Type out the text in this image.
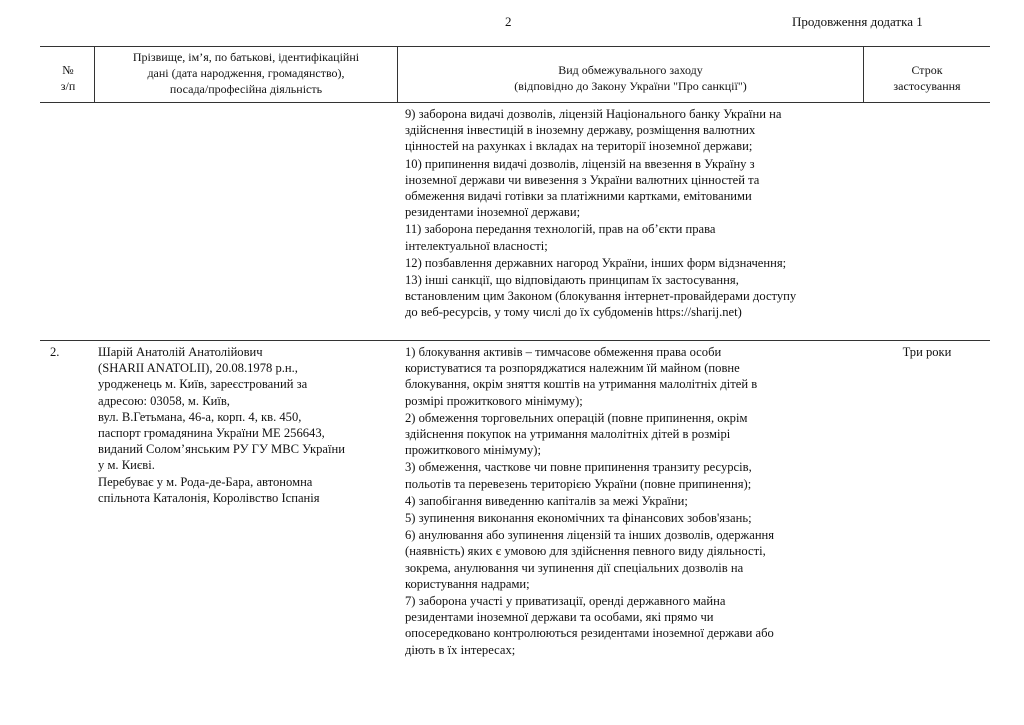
2	Продовження додатка 1
№
з/п
Прізвище, ім’я, по батькові, ідентифікаційні
дані (дата народження, громадянство),
посада/професійна діяльність
Вид обмежувального заходу
(відповідно до Закону України "Про санкції")
Строк
застосування

9) заборона видачі дозволів, ліцензій Національного банку України на
здійснення інвестицій в іноземну державу, розміщення валютних
цінностей на рахунках і вкладах на території іноземної держави;

10) припинення видачі дозволів, ліцензій на ввезення в Україну з
іноземної держави чи вивезення з України валютних цінностей та
обмеження видачі готівки за платіжними картками, емітованими
резидентами іноземної держави;

11) заборона передання технологій, прав на об’єкти права
інтелектуальної власності;

12) позбавлення державних нагород України, інших форм відзначення;

13) інші санкції, що відповідають принципам їх застосування,
встановленим цим Законом (блокування інтернет-провайдерами доступу
до веб-ресурсів, у тому числі до їх субдоменів https://sharij.net)

2.	Шарій Анатолій Анатолійович
(SHARII ANATOLII), 20.08.1978 р.н.,
уродженець м. Київ, зареєстрований за
адресою: 03058, м. Київ,
вул. В.Гетьмана, 46-а, корп. 4, кв. 450,
паспорт громадянина України МЕ 256643,
виданий Солом’янським РУ ГУ МВС України
у м. Києві.
Перебуває у м. Рода-де-Бара, автономна
спільнота Каталонія, Королівство Іспанія
Три роки

1) блокування активів – тимчасове обмеження права особи
користуватися та розпоряджатися належним їй майном (повне
блокування, окрім зняття коштів на утримання малолітніх дітей в
розмірі прожиткового мінімуму);

2) обмеження торговельних операцій (повне припинення, окрім
здійснення покупок на утримання малолітніх дітей в розмірі
прожиткового мінімуму);

3) обмеження, часткове чи повне припинення транзиту ресурсів,
польотів та перевезень територією України (повне припинення);

4) запобігання виведенню капіталів за межі України;

5) зупинення виконання економічних та фінансових зобов'язань;

6) анулювання або зупинення ліцензій та інших дозволів, одержання
(наявність) яких є умовою для здійснення певного виду діяльності,
зокрема, анулювання чи зупинення дії спеціальних дозволів на
користування надрами;

7) заборона участі у приватизації, оренді державного майна
резидентами іноземної держави та особами, які прямо чи
опосередковано контролюються резидентами іноземної держави або
діють в їх інтересах;
